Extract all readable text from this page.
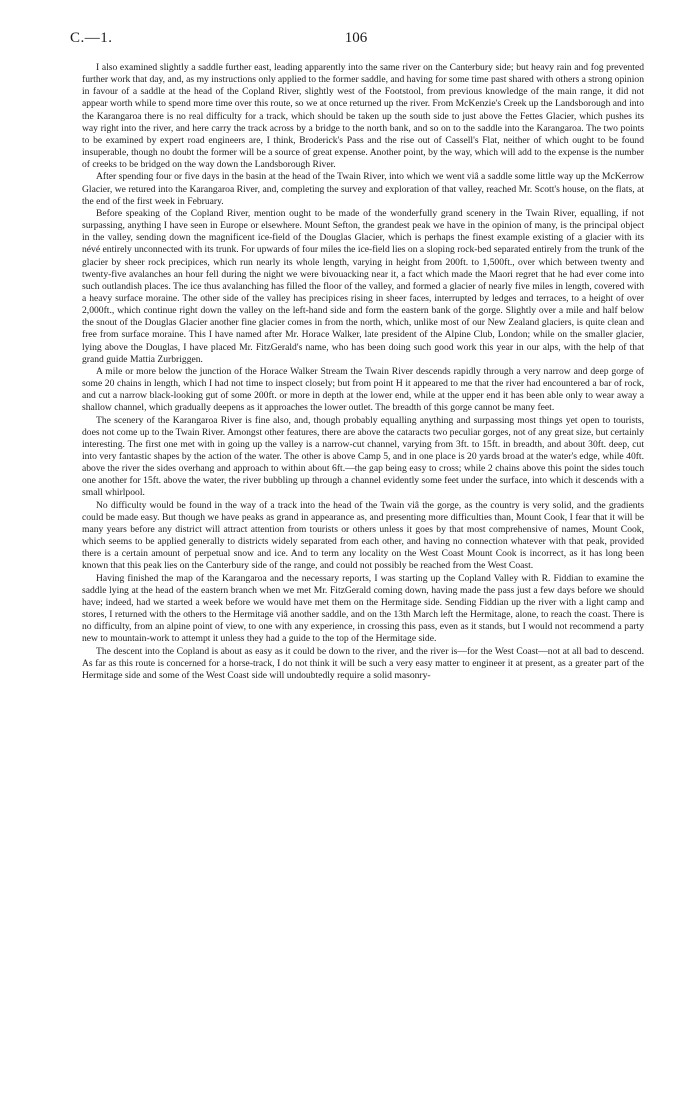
C.—1.	106

I also examined slightly a saddle further east, leading apparently into the same river on the Canterbury side; but heavy rain and fog prevented further work that day, and, as my instructions only applied to the former saddle, and having for some time past shared with others a strong opinion in favour of a saddle at the head of the Copland River, slightly west of the Footstool, from previous knowledge of the main range, it did not appear worth while to spend more time over this route, so we at once returned up the river. From McKenzie's Creek up the Landsborough and into the Karangaroa there is no real difficulty for a track, which should be taken up the south side to just above the Fettes Glacier, which pushes its way right into the river, and here carry the track across by a bridge to the north bank, and so on to the saddle into the Karangaroa. The two points to be examined by expert road engineers are, I think, Broderick's Pass and the rise out of Cassell's Flat, neither of which ought to be found insuperable, though no doubt the former will be a source of great expense. Another point, by the way, which will add to the expense is the number of creeks to be bridged on the way down the Landsborough River.

After spending four or five days in the basin at the head of the Twain River, into which we went viâ a saddle some little way up the McKerrow Glacier, we retured into the Karangaroa River, and, completing the survey and exploration of that valley, reached Mr. Scott's house, on the flats, at the end of the first week in February.

Before speaking of the Copland River, mention ought to be made of the wonderfully grand scenery in the Twain River, equalling, if not surpassing, anything I have seen in Europe or elsewhere. Mount Sefton, the grandest peak we have in the opinion of many, is the principal object in the valley, sending down the magnificent ice-field of the Douglas Glacier, which is perhaps the finest example existing of a glacier with its névé entirely unconnected with its trunk. For upwards of four miles the ice-field lies on a sloping rock-bed separated entirely from the trunk of the glacier by sheer rock precipices, which run nearly its whole length, varying in height from 200ft. to 1,500ft., over which between twenty and twenty-five avalanches an hour fell during the night we were bivouacking near it, a fact which made the Maori regret that he had ever come into such outlandish places. The ice thus avalanching has filled the floor of the valley, and formed a glacier of nearly five miles in length, covered with a heavy surface moraine. The other side of the valley has precipices rising in sheer faces, interrupted by ledges and terraces, to a height of over 2,000ft., which continue right down the valley on the left-hand side and form the eastern bank of the gorge. Slightly over a mile and half below the snout of the Douglas Glacier another fine glacier comes in from the north, which, unlike most of our New Zealand glaciers, is quite clean and free from surface moraine. This I have named after Mr. Horace Walker, late president of the Alpine Club, London; while on the smaller glacier, lying above the Douglas, I have placed Mr. FitzGerald's name, who has been doing such good work this year in our alps, with the help of that grand guide Mattia Zurbriggen.

A mile or more below the junction of the Horace Walker Stream the Twain River descends rapidly through a very narrow and deep gorge of some 20 chains in length, which I had not time to inspect closely; but from point H it appeared to me that the river had encountered a bar of rock, and cut a narrow black-looking gut of some 200ft. or more in depth at the lower end, while at the upper end it has been able only to wear away a shallow channel, which gradually deepens as it approaches the lower outlet. The breadth of this gorge cannot be many feet.

The scenery of the Karangaroa River is fine also, and, though probably equalling anything and surpassing most things yet open to tourists, does not come up to the Twain River. Amongst other features, there are above the cataracts two peculiar gorges, not of any great size, but certainly interesting. The first one met with in going up the valley is a narrow-cut channel, varying from 3ft. to 15ft. in breadth, and about 30ft. deep, cut into very fantastic shapes by the action of the water. The other is above Camp 5, and in one place is 20 yards broad at the water's edge, while 40ft. above the river the sides overhang and approach to within about 6ft.—the gap being easy to cross; while 2 chains above this point the sides touch one another for 15ft. above the water, the river bubbling up through a channel evidently some feet under the surface, into which it descends with a small whirlpool.

No difficulty would be found in the way of a track into the head of the Twain viâ the gorge, as the country is very solid, and the gradients could be made easy. But though we have peaks as grand in appearance as, and presenting more difficulties than, Mount Cook, I fear that it will be many years before any district will attract attention from tourists or others unless it goes by that most comprehensive of names, Mount Cook, which seems to be applied generally to districts widely separated from each other, and having no connection whatever with that peak, provided there is a certain amount of perpetual snow and ice. And to term any locality on the West Coast Mount Cook is incorrect, as it has long been known that this peak lies on the Canterbury side of the range, and could not possibly be reached from the West Coast.

Having finished the map of the Karangaroa and the necessary reports, I was starting up the Copland Valley with R. Fiddian to examine the saddle lying at the head of the eastern branch when we met Mr. FitzGerald coming down, having made the pass just a few days before we should have; indeed, had we started a week before we would have met them on the Hermitage side. Sending Fiddian up the river with a light camp and stores, I returned with the others to the Hermitage viâ another saddle, and on the 13th March left the Hermitage, alone, to reach the coast. There is no difficulty, from an alpine point of view, to one with any experience, in crossing this pass, even as it stands, but I would not recommend a party new to mountain-work to attempt it unless they had a guide to the top of the Hermitage side.

The descent into the Copland is about as easy as it could be down to the river, and the river is—for the West Coast—not at all bad to descend. As far as this route is concerned for a horse-track, I do not think it will be such a very easy matter to engineer it at present, as a greater part of the Hermitage side and some of the West Coast side will undoubtedly require a solid masonry-
